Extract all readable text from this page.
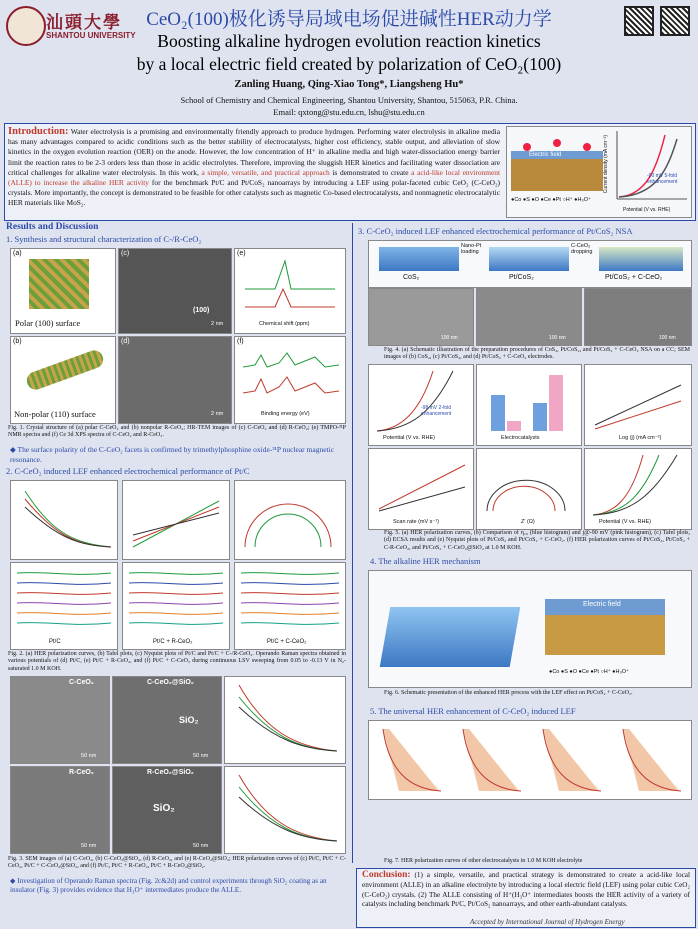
汕頭大學
SHANTOU UNIVERSITY
CeO₂(100)极化诱导局域电场促进碱性HER动力学
Boosting alkaline hydrogen evolution reaction kinetics
by a local electric field created by polarization of CeO₂(100)
Zanling Huang, Qing-Xiao Tong*, Liangsheng Hu*
School of Chemistry and Chemical Engineering, Shantou University, Shantou, 515063, P.R. China.
Email: qxtong@stu.edu.cn, lshu@stu.edu.cn
Introduction: Water electrolysis is a promising and environmentally friendly approach to produce hydrogen. Performing water electrolysis in alkaline media has many advantages compared to acidic conditions such as the better stability of electrocatalysts, higher cost efficiency, stable output, and alleviation of slow kinetics in the oxygen evolution reaction (OER) on the anode. However, the low concentration of H⁺ in alkaline media and high water-dissociation energy barrier limit the reaction rates to be 2-3 orders less than those in acidic electrolytes. Therefore, improving the sluggish HER kinetics and facilitating water dissociation are critical challenges for alkaline water electrolysis. In this work, a simple, versatile, and practical approach is demonstrated to create a acid-like local environment (ALLE) to increase the alkaline HER activity for the benchmark Pt/C and Pt/CoS₂ nanoarrays by introducing a LEF using polar-faceted cubic CeO₂ (C-CeO₂) crystals. More importantly, the concept is demonstrated to be feasible for other catalysts such as magnetic Co-based electrocatalysts, and nonmagnetic electrocatalytic HER materials like MoS₂.
Electric field
●Co ●S ●O ●Ce ●Pt ○H⁺ ●H₃O⁺
Potential (V vs. RHE)
-90 mV 5-fold enhancement
Current density (mA cm⁻²)
Results and Discussion
1. Synthesis and structural characterization of C-/R-CeO₂
(a)
Polar (100) surface
(b)
Non-polar (110) surface
(c)
(100)
2 nm
(d)
2 nm
(e)
Chemical shift (ppm)
(f)
Binding energy (eV)
Fig. 1. Crystal structure of (a) polar C-CeO₂ and (b) nonpolar R-CeO₂; HR-TEM images of (c) C-CeO₂ and (d) R-CeO₂; (e) TMPO-³¹P NMR spectra and (f) Ce 3d XPS spectra of C-CeO₂ and R-CeO₂.
◆ The surface polarity of the C-CeO₂ facets is confirmed by trimethylphosphine oxide-³¹P nuclear magnetic resonance.
2. C-CeO₂ induced LEF enhanced electrochemical performance of Pt/C
Pt/C	Pt/C + R-CeO₂	Pt/C + C-CeO₂
Fig. 2. (a) HER polarization curves, (b) Tafel plots, (c) Nyquist plots of Pt/C and Pt/C + C-/R-CeO₂. Operando Raman spectra obtained in various potentials of (d) Pt/C, (e) Pt/C + R-CeO₂, and (f) Pt/C + C-CeO₂ during continuous LSV sweeping from 0.05 to -0.13 V in N₂-saturated 1.0 M KOH.
C-CeO₂
50 nm
C-CeO₂@SiO₂
SiO₂
50 nm
R-CeO₂
50 nm
R-CeO₂@SiO₂
SiO₂
50 nm
Fig. 3. SEM images of (a) C-CeO₂, (b) C-CeO₂@SiO₂, (d) R-CeO₂, and (e) R-CeO₂@SiO₂; HER polarization curves of (c) Pt/C, Pt/C + C-CeO₂, Pt/C + C-CeO₂@SiO₂, and (f) Pt/C, Pt/C + R-CeO₂, Pt/C + R-CeO₂@SiO₂.
◆ Investigation of Operando Raman spectra (Fig. 2c&2d) and control experiments through SiO₂ coating as an insulator (Fig. 3) provides evidence that H₃O⁺ intermediates produce the ALLE.
3. C-CeO₂ induced LEF enhanced electrochemical performance of Pt/CoS₂ NSA
CoS₂	Pt/CoS₂	Pt/CoS₂ + C-CeO₂
Nano-Pt loading
C-CeO₂ dropping
100 nm	100 nm	100 nm
Fig. 4. (a) Schematic illustration of the preparation procedures of CoS₂, Pt/CoS₂, and Pt/CoS₂ + C-CeO₂ NSA on a CC; SEM images of (b) CoS₂, (c) Pt/CoS₂, and (d) Pt/CoS₂ + C-CeO₂ electrodes.
-98 mV 2-fold enhancement
Potential (V vs. RHE)	Electrocatalysts	Log (j) (mA cm⁻²)
Scan rate (mV s⁻¹)	Z' (Ω)	Potential (V vs. RHE)
Fig. 5. (a) HER polarization curves, (b) Comparison of η₁₀ (blue histogram) and j@-90 mV (pink histogram), (c) Tafel plots, (d) ECSA results and (e) Nyquist plots of Pt/CoS₂ and Pt/CoS₂ + C-CeO₂. (f) HER polarization curves of Pt/CoS₂, Pt/CoS₂ + C-R-CeO₂, and Pt/CoS₂ + C-CeO₂@SiO₂ at 1.0 M KOH.
4. The alkaline HER mechanism
Electric field
●Co ●S ●O ●Ce ●Pt ○H⁺ ●H₃O⁺
Fig. 6. Schematic presentation of the enhanced HER process with the LEF effect on Pt/CoS₂ + C-CeO₂.
5. The universal HER enhancement of C-CeO₂ induced LEF
Fig. 7. HER polarization curves of other electrocatalysts in 1.0 M KOH electrolyte
Conclusion: (1) a simple, versatile, and practical strategy is demonstrated to create a acid-like local environment (ALLE) in an alkaline electrolyte by introducing a local electric field (LEF) using polar cubic CeO₂ (C-CeO₂) crystals. (2) The ALLE consisting of H⁺(H₃O⁺ intermediates boosts the HER activity of a variety of catalysts including benchmark Pt/C, Pt/CoS₂ nanoarrays, and other earth-abundant catalysts.
Accepted by International Journal of Hydrogen Energy
